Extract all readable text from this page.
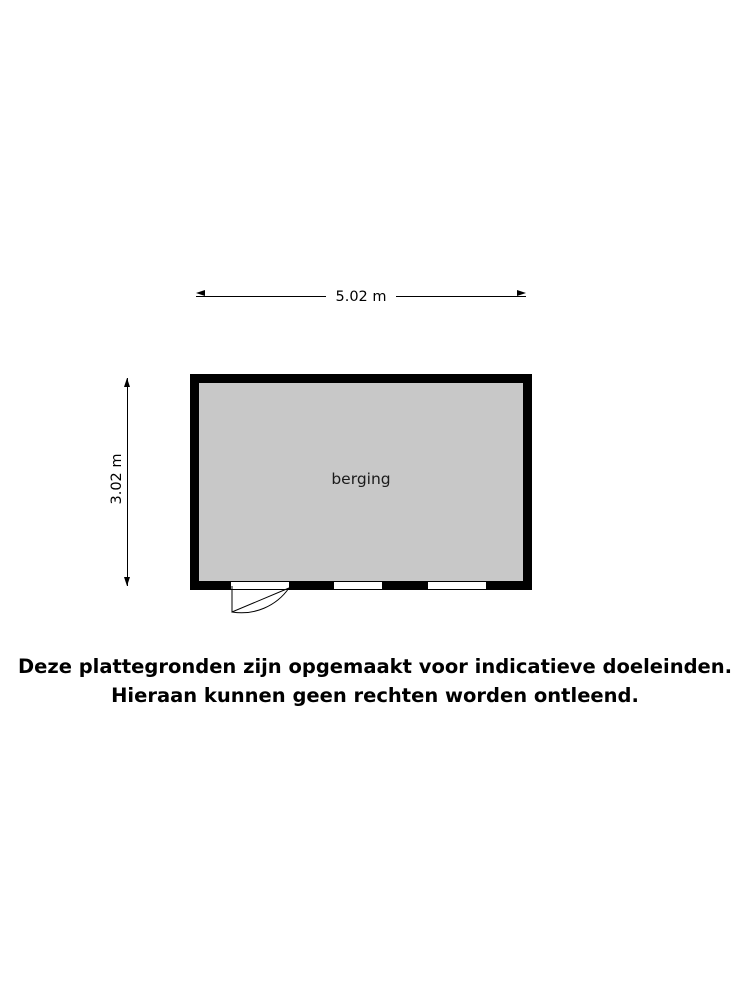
5.02 m
3.02 m	berging
Deze plattegronden zijn opgemaakt voor indicatieve doeleinden.
Hieraan kunnen geen rechten worden ontleend.
